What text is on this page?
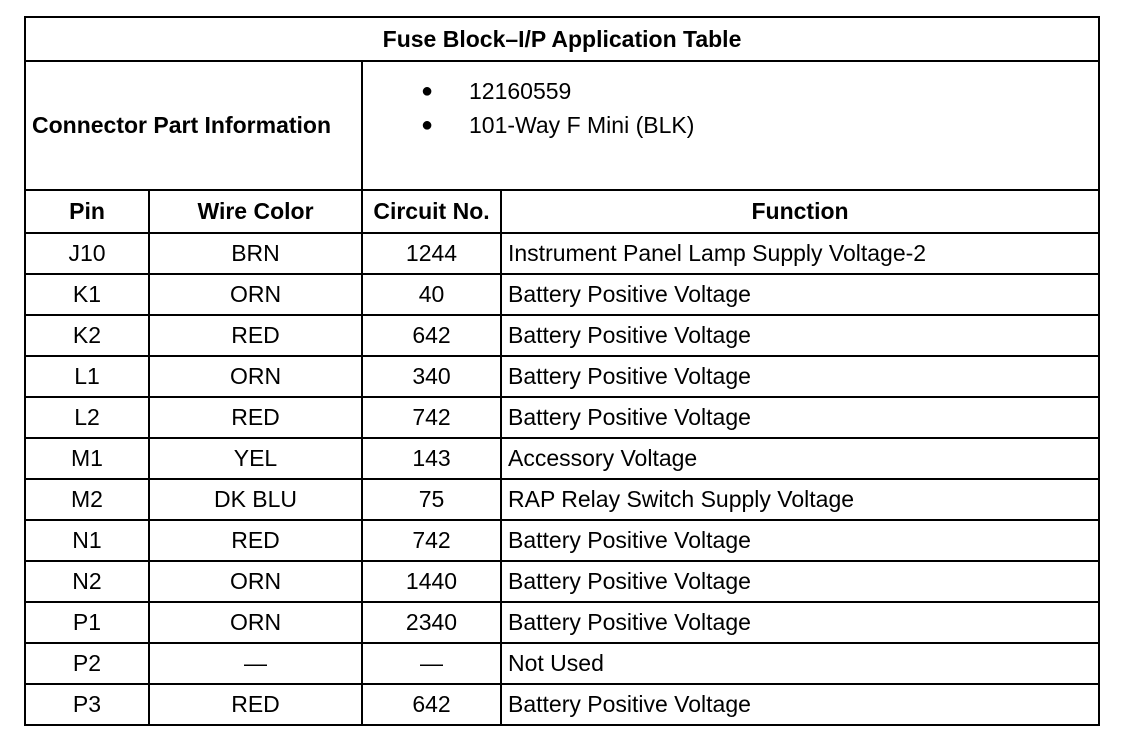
Fuse Block–I/P Application Table			
Connector Part Information		● 12160559
● 101-Way F Mini (BLK)	

Pin	Wire Color	Circuit No.	Function
J10	BRN	1244	Instrument Panel Lamp Supply Voltage-2
K1	ORN	40	Battery Positive Voltage
K2	RED	642	Battery Positive Voltage
L1	ORN	340	Battery Positive Voltage
L2	RED	742	Battery Positive Voltage
M1	YEL	143	Accessory Voltage
M2	DK BLU	75	RAP Relay Switch Supply Voltage
N1	RED	742	Battery Positive Voltage
N2	ORN	1440	Battery Positive Voltage
P1	ORN	2340	Battery Positive Voltage
P2	—	—	Not Used
P3	RED	642	Battery Positive Voltage
